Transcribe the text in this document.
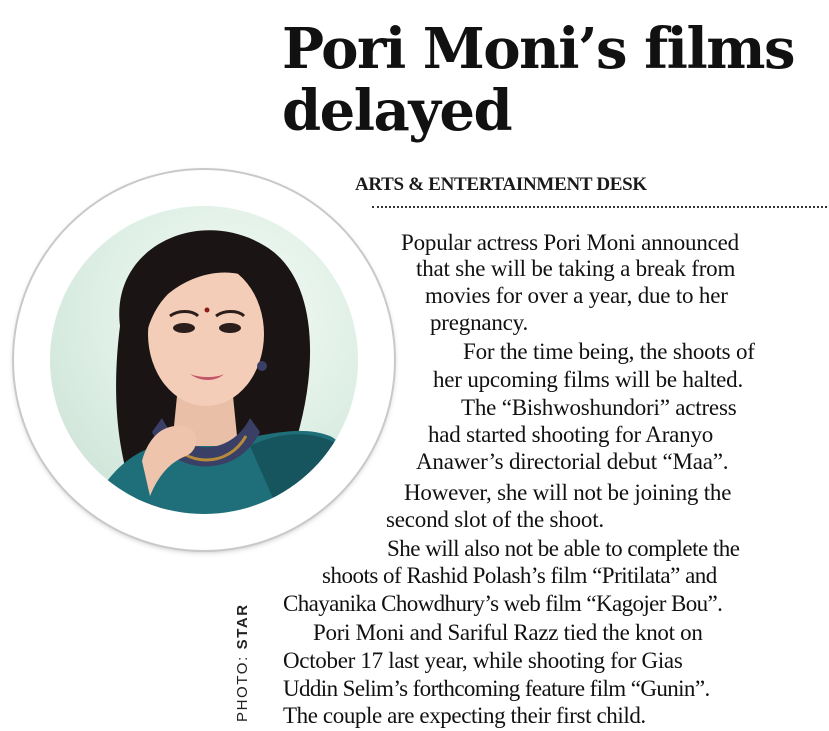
Pori Moni’s films
delayed
ARTS & ENTERTAINMENT DESK
PHOTO: STAR

Popular actress Pori Moni announced

that she will be taking a break from

movies for over a year, due to her

pregnancy.

For the time being, the shoots of

her upcoming films will be halted.

The “Bishwoshundori” actress

had started shooting for Aranyo

Anawer’s directorial debut “Maa”.

However, she will not be joining the

second slot of the shoot.

She will also not be able to complete the

shoots of Rashid Polash’s film “Pritilata” and

Chayanika Chowdhury’s web film “Kagojer Bou”.

Pori Moni and Sariful Razz tied the knot on

October 17 last year, while shooting for Gias

Uddin Selim’s forthcoming feature film “Gunin”.

The couple are expecting their first child.
